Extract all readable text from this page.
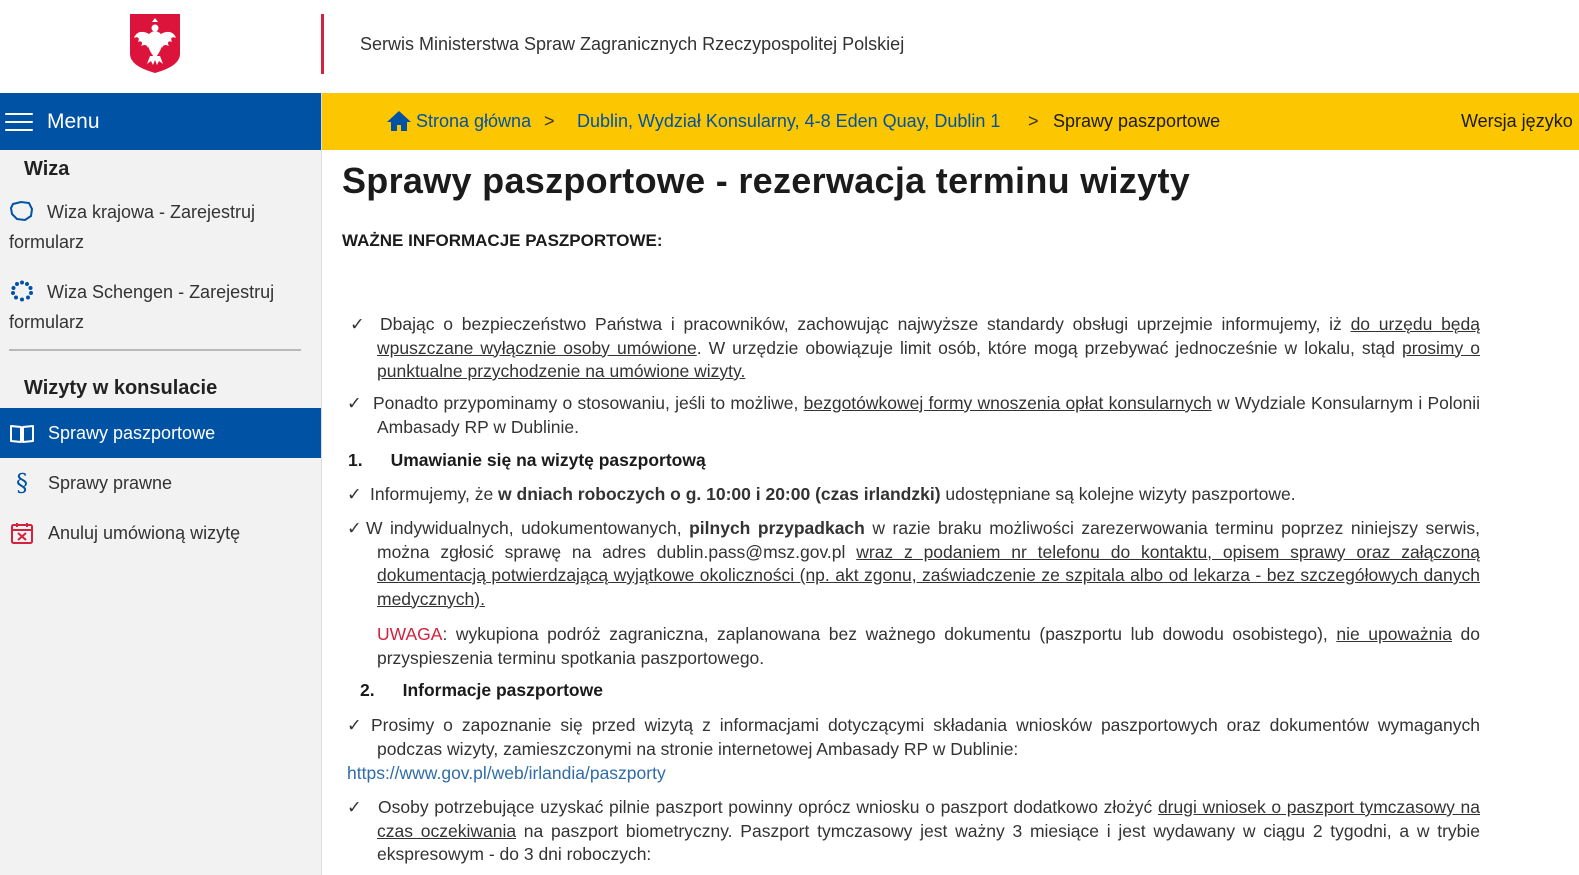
Serwis Ministerstwa Spraw Zagranicznych Rzeczypospolitej Polskiej
Menu
Wiza
Wiza krajowa - Zarejestruj formularz
Wiza Schengen - Zarejestruj formularz
Wizyty w konsulacie
Sprawy paszportowe
§	Sprawy prawne
Anuluj umówioną wizytę
Strona główna > Dublin, Wydział Konsularny, 4-8 Eden Quay, Dublin 1 > Sprawy paszportowe	Wersja języko
Sprawy paszportowe - rezerwacja terminu wizyty
WAŻNE INFORMACJE PASZPORTOWE:
✓ Dbając o bezpieczeństwo Państwa i pracowników, zachowując najwyższe standardy obsługi uprzejmie informujemy, iż do urzędu będą wpuszczane wyłącznie osoby umówione. W urzędzie obowiązuje limit osób, które mogą przebywać jednocześnie w lokalu, stąd prosimy o punktualne przychodzenie na umówione wizyty.
✓ Ponadto przypominamy o stosowaniu, jeśli to możliwe, bezgotówkowej formy wnoszenia opłat konsularnych w Wydziale Konsularnym i Polonii Ambasady RP w Dublinie.
1. Umawianie się na wizytę paszportową
✓ Informujemy, że w dniach roboczych o g. 10:00 i 20:00 (czas irlandzki) udostępniane są kolejne wizyty paszportowe.
✓ W indywidualnych, udokumentowanych, pilnych przypadkach w razie braku możliwości zarezerwowania terminu poprzez niniejszy serwis, można zgłosić sprawę na adres dublin.pass@msz.gov.pl wraz z podaniem nr telefonu do kontaktu, opisem sprawy oraz załączoną dokumentacją potwierdzającą wyjątkowe okoliczności (np. akt zgonu, zaświadczenie ze szpitala albo od lekarza - bez szczegółowych danych medycznych).
UWAGA: wykupiona podróż zagraniczna, zaplanowana bez ważnego dokumentu (paszportu lub dowodu osobistego), nie upoważnia do przyspieszenia terminu spotkania paszportowego.
2. Informacje paszportowe
✓ Prosimy o zapoznanie się przed wizytą z informacjami dotyczącymi składania wniosków paszportowych oraz dokumentów wymaganych podczas wizyty, zamieszczonymi na stronie internetowej Ambasady RP w Dublinie:
https://www.gov.pl/web/irlandia/paszporty
✓ Osoby potrzebujące uzyskać pilnie paszport powinny oprócz wniosku o paszport dodatkowo złożyć drugi wniosek o paszport tymczasowy na czas oczekiwania na paszport biometryczny. Paszport tymczasowy jest ważny 3 miesiące i jest wydawany w ciągu 2 tygodni, a w trybie ekspresowym - do 3 dni roboczych:
